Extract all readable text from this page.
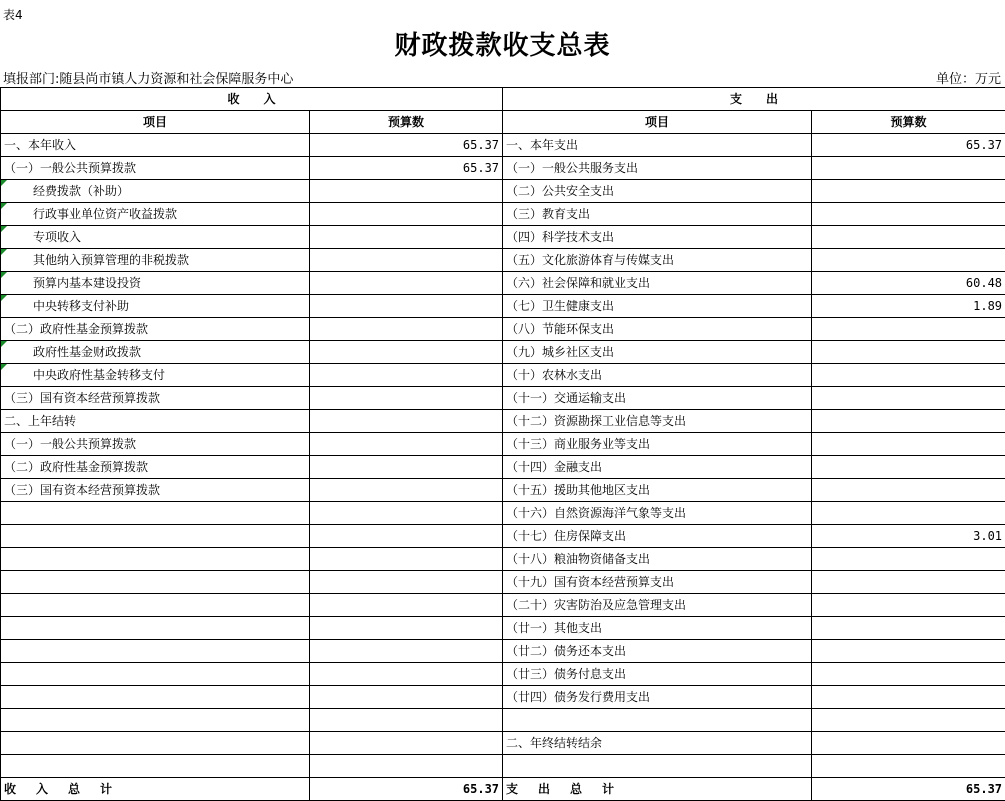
表4
财政拨款收支总表
填报部门:随县尚市镇人力资源和社会保障服务中心	单位：万元
收　　入		支　　出	
项目	预算数	项目	预算数
一、本年收入	65.37	一、本年支出	65.37
（一）一般公共预算拨款	65.37	（一）一般公共服务支出	
经费拨款（补助）		（二）公共安全支出	
行政事业单位资产收益拨款		（三）教育支出	
专项收入		（四）科学技术支出	
其他纳入预算管理的非税拨款		（五）文化旅游体育与传媒支出	
预算内基本建设投资		（六）社会保障和就业支出	60.48
中央转移支付补助		（七）卫生健康支出	1.89
（二）政府性基金预算拨款		（八）节能环保支出	
政府性基金财政拨款		（九）城乡社区支出	
中央政府性基金转移支付		（十）农林水支出	
（三）国有资本经营预算拨款		（十一）交通运输支出	
二、上年结转		（十二）资源勘探工业信息等支出	
（一）一般公共预算拨款		（十三）商业服务业等支出	
（二）政府性基金预算拨款		（十四）金融支出	
（三）国有资本经营预算拨款		（十五）援助其他地区支出	
		（十六）自然资源海洋气象等支出	
		（十七）住房保障支出	3.01
		（十八）粮油物资储备支出	
		（十九）国有资本经营预算支出	
		（二十）灾害防治及应急管理支出	
		（廿一）其他支出	
		（廿二）债务还本支出	
		（廿三）债务付息支出	
		（廿四）债务发行费用支出	

		二、年终结转结余	

收入总计	65.37	支出总计	65.37
